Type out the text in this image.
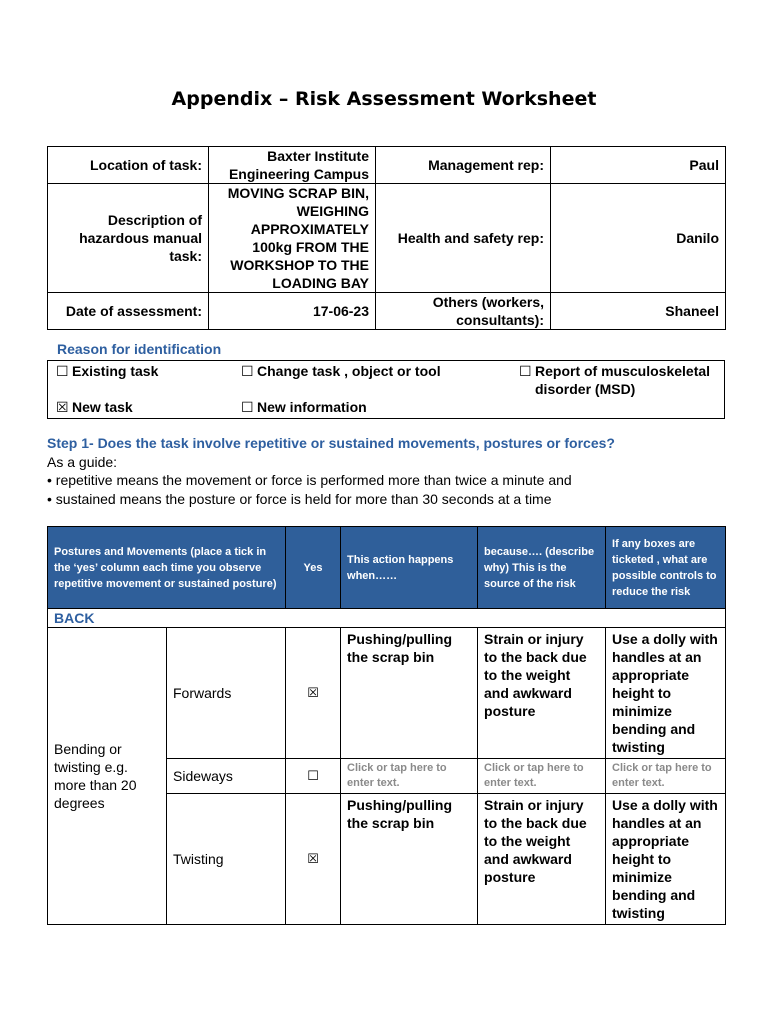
Appendix – Risk Assessment Worksheet
Location of task:	Baxter Institute Engineering Campus	Management rep:	Paul
Description of hazardous manual task:	MOVING SCRAP BIN, WEIGHING APPROXIMATELY 100kg FROM THE WORKSHOP TO THE LOADING BAY	Health and safety rep:	Danilo
Date of assessment:	17-06-23	Others (workers, consultants):	Shaneel
Reason for identification
☐ Existing task	☐ Change task , object or tool	☐ Report of musculoskeletal disorder (MSD)
☒ New task	☐ New information
Step 1- Does the task involve repetitive or sustained movements, postures or forces?
As a guide:
• repetitive means the movement or force is performed more than twice a minute and
• sustained means the posture or force is held for more than 30 seconds at a time
Postures and Movements (place a tick in the ‘yes’ column each time you observe repetitive movement or sustained posture)		Yes	This action happens when……	because…. (describe why) This is the source of the risk	If any boxes are ticketed , what are possible controls to reduce the risk
BACK					
Bending or twisting e.g. more than 20 degrees	Forwards	☒	Pushing/pulling the scrap bin	Strain or injury to the back due to the weight and awkward posture	Use a dolly with handles at an appropriate height to minimize bending and twisting
	Sideways	☐	Click or tap here to enter text.	Click or tap here to enter text.	Click or tap here to enter text.
	Twisting	☒	Pushing/pulling the scrap bin	Strain or injury to the back due to the weight and awkward posture	Use a dolly with handles at an appropriate height to minimize bending and twisting
